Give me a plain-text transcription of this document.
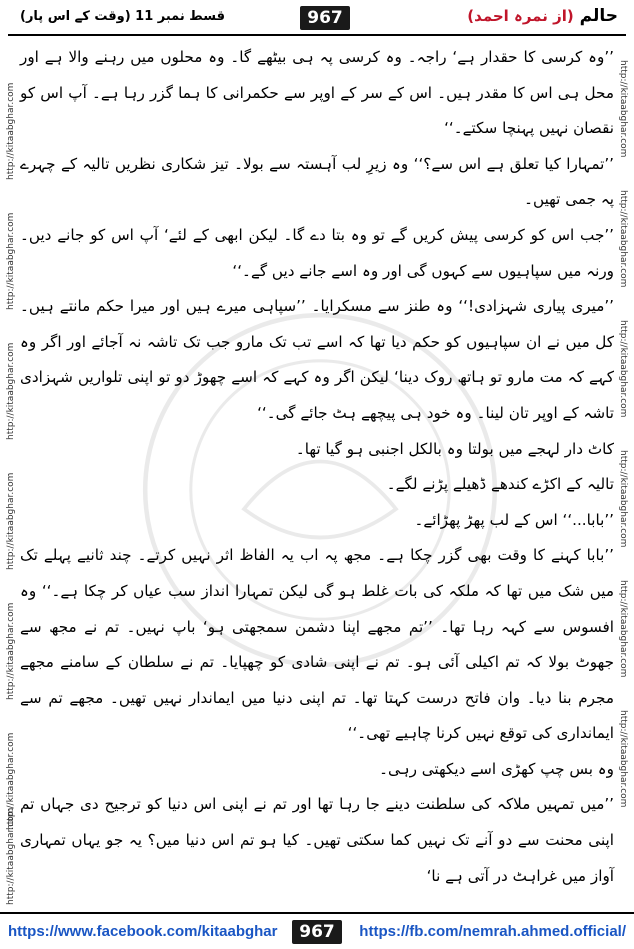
حالم (از نمرہ احمد)
967
قسط نمبر 11 (وقت کے اس پار)
http://kitaabghar.com
http://kitaabghar.com
http://kitaabghar.com
http://kitaabghar.com
http://kitaabghar.com
http://kitaabghar.com
http://kitaabghar.com
http://kitaabghar.com
http://kitaabghar.com
http://kitaabghar.com
http://kitaabghar.com
http://kitaabghar.com
http://kitaabghar.com

’’وہ کرسی کا حقدار ہے‘ راجہ۔ وہ کرسی پہ ہی بیٹھے گا۔ وہ محلوں میں رہنے والا ہے اور محل ہی اس کا مقدر ہیں۔ اس کے سر کے اوپر سے حکمرانی کا ہما گزر رہا ہے۔ آپ اس کو نقصان نہیں پہنچا سکتے۔‘‘

’’تمہارا کیا تعلق ہے اس سے؟‘‘ وہ زیرِ لب آہستہ سے بولا۔ تیز شکاری نظریں تالیہ کے چہرے پہ جمی تھیں۔

’’جب اس کو کرسی پیش کریں گے تو وہ بتا دے گا۔ لیکن ابھی کے لئے‘ آپ اس کو جانے دیں۔ ورنہ میں سپاہیوں سے کہوں گی اور وہ اسے جانے دیں گے۔‘‘

’’میری پیاری شہزادی!‘‘ وہ طنز سے مسکرایا۔ ’’سپاہی میرے ہیں اور میرا حکم مانتے ہیں۔ کل میں نے ان سپاہیوں کو حکم دیا تھا کہ اسے تب تک مارو جب تک تاشہ نہ آجائے اور اگر وہ کہے کہ مت مارو تو ہاتھ روک دینا‘ لیکن اگر وہ کہے کہ اسے چھوڑ دو تو اپنی تلواریں شہزادی تاشہ کے اوپر تان لینا۔ وہ خود ہی پیچھے ہٹ جائے گی۔‘‘

کاٹ دار لہجے میں بولتا وہ بالکل اجنبی ہو گیا تھا۔

تالیہ کے اکڑے کندھے ڈھیلے پڑنے لگے۔

’’بابا...‘‘ اس کے لب پھڑ پھڑائے۔

’’بابا کہنے کا وقت بھی گزر چکا ہے۔ مجھ پہ اب یہ الفاظ اثر نہیں کرتے۔ چند ثانیے پہلے تک میں شک میں تھا کہ ملکہ کی بات غلط ہو گی لیکن تمہارا انداز سب عیاں کر چکا ہے۔‘‘ وہ افسوس سے کہہ رہا تھا۔ ’’تم مجھے اپنا دشمن سمجھتی ہو‘ باپ نہیں۔ تم نے مجھ سے جھوٹ بولا کہ تم اکیلی آئی ہو۔ تم نے اپنی شادی کو چھپایا۔ تم نے سلطان کے سامنے مجھے مجرم بنا دیا۔ وان فاتح درست کہتا تھا۔ تم اپنی دنیا میں ایماندار نہیں تھیں۔ مجھے تم سے ایمانداری کی توقع نہیں کرنا چاہیے تھی۔‘‘

وہ بس چپ کھڑی اسے دیکھتی رہی۔

’’میں تمہیں ملاکہ کی سلطنت دینے جا رہا تھا اور تم نے اپنی اس دنیا کو ترجیح دی جہاں تم اپنی محنت سے دو آنے تک نہیں کما سکتی تھیں۔ کیا ہو تم اس دنیا میں؟ یہ جو یہاں تمہاری آواز میں غراہٹ در آتی ہے نا‘

https://www.facebook.com/kitaabghar	967	https://fb.com/nemrah.ahmed.official/
